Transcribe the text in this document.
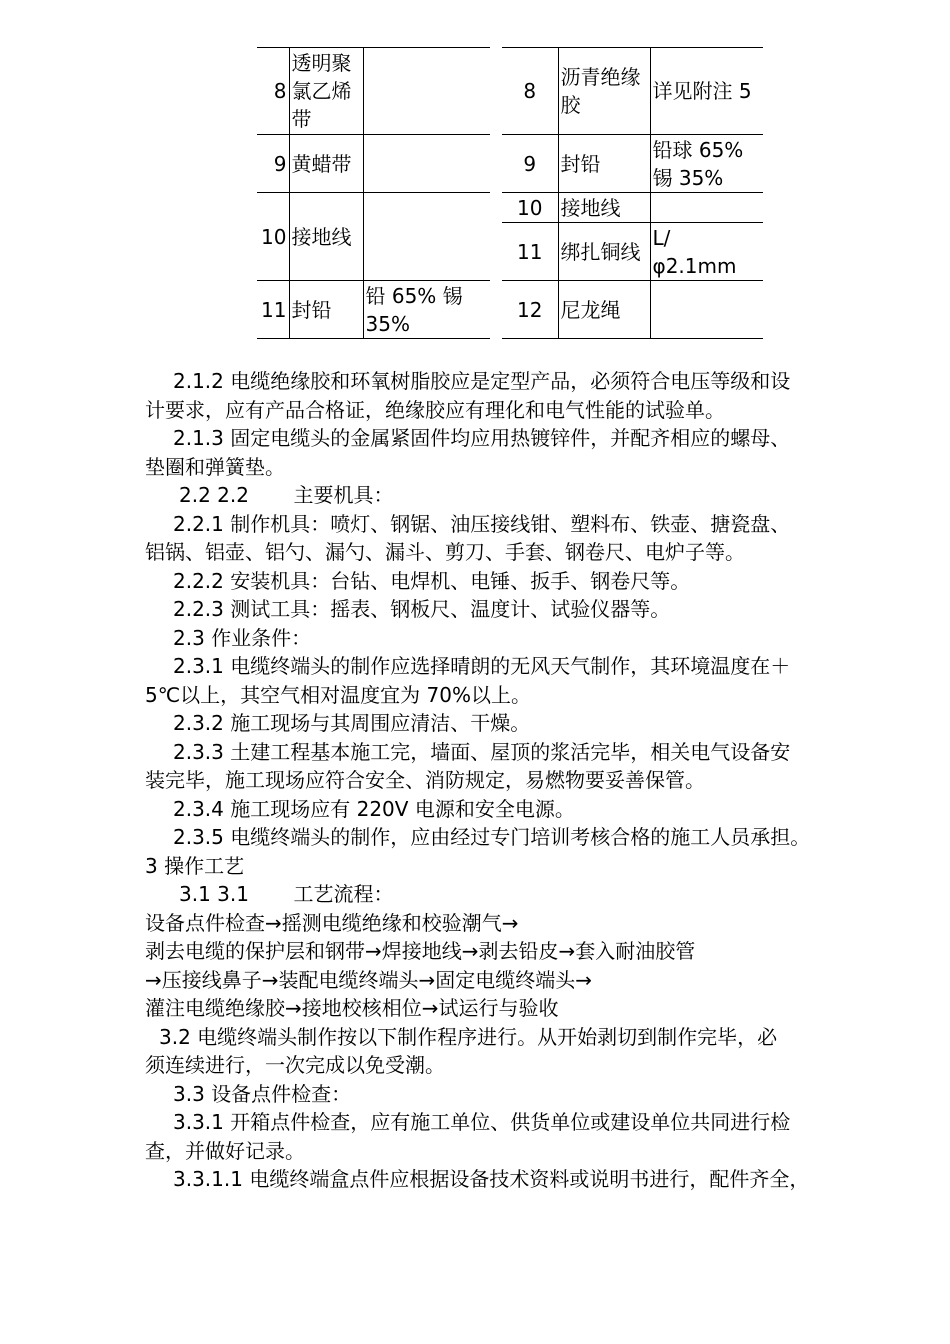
8	透明聚
氯乙烯
带	
9	黄蜡带	
10	接地线	
11	封铅	铅 65% 锡
35%
8	沥青绝缘
胶	详见附注 5
9	封铅	铅球 65%
锡 35%
10	接地线	
11	绑扎铜线	L/
φ2.1mm
12	尼龙绳	

2.1.2 电缆绝缘胶和环氧树脂胶应是定型产品，必须符合电压等级和设

计要求，应有产品合格证，绝缘胶应有理化和电气性能的试验单。

2.1.3 固定电缆头的金属紧固件均应用热镀锌件，并配齐相应的螺母、

垫圈和弹簧垫。

2.2 2.2       主要机具：

2.2.1 制作机具：喷灯、钢锯、油压接线钳、塑料布、铁壶、搪瓷盘、

铝锅、铝壶、铝勺、漏勺、漏斗、剪刀、手套、钢卷尺、电炉子等。

2.2.2 安装机具：台钻、电焊机、电锤、扳手、钢卷尺等。

2.2.3 测试工具：摇表、钢板尺、温度计、试验仪器等。

2.3 作业条件：

2.3.1 电缆终端头的制作应选择晴朗的无风天气制作，其环境温度在＋

5℃以上，其空气相对温度宜为 70%以上。

2.3.2 施工现场与其周围应清洁、干燥。

2.3.3 土建工程基本施工完，墙面、屋顶的浆活完毕，相关电气设备安

装完毕，施工现场应符合安全、消防规定，易燃物要妥善保管。

2.3.4 施工现场应有 220V 电源和安全电源。

2.3.5 电缆终端头的制作，应由经过专门培训考核合格的施工人员承担。

3 操作工艺

3.1 3.1       工艺流程：

设备点件检查→摇测电缆绝缘和校验潮气→

剥去电缆的保护层和钢带→焊接地线→剥去铅皮→套入耐油胶管

→压接线鼻子→装配电缆终端头→固定电缆终端头→

灌注电缆绝缘胶→接地校核相位→试运行与验收

3.2 电缆终端头制作按以下制作程序进行。从开始剥切到制作完毕，必

须连续进行，一次完成以免受潮。

3.3 设备点件检查：

3.3.1 开箱点件检查，应有施工单位、供货单位或建设单位共同进行检

查，并做好记录。

3.3.1.1 电缆终端盒点件应根据设备技术资料或说明书进行，配件齐全，
